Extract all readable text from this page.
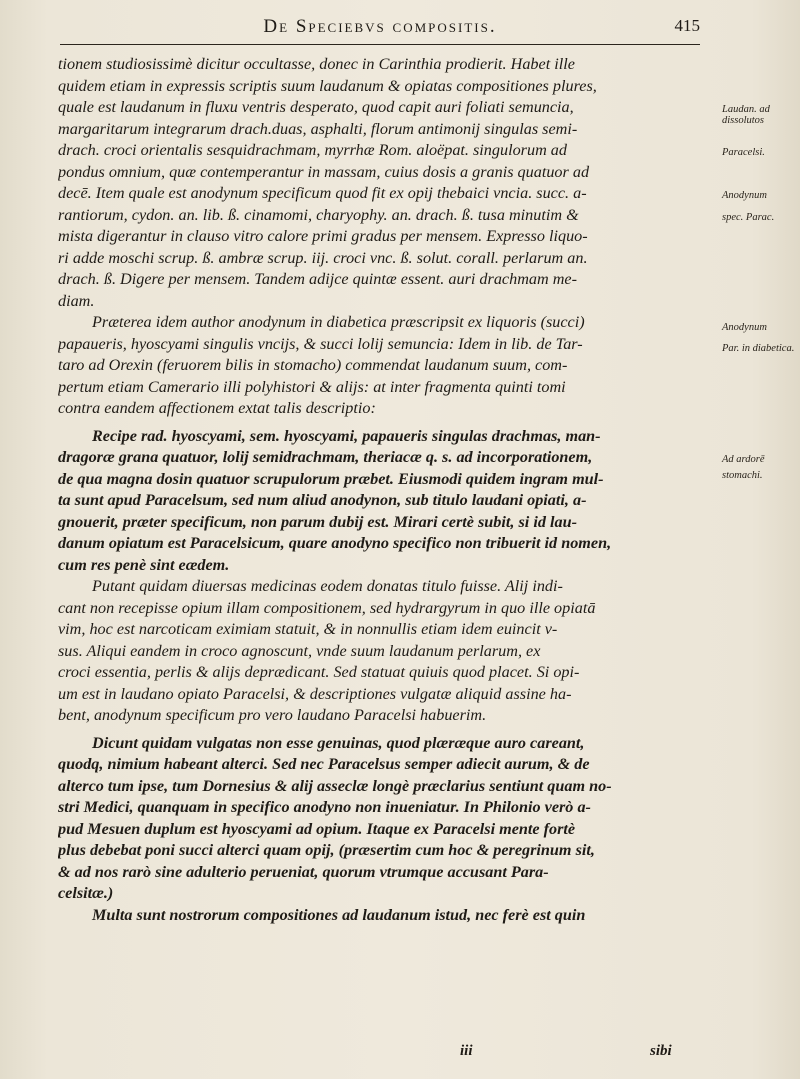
De Speciebvs compositis.	415
tionem studiosissimè dicitur occultasse, donec in Carinthia prodierit. Habet ille
quidem etiam in expressis scriptis suum laudanum & opiatas compositiones plures,
quale est laudanum in fluxu ventris desperato, quod capit auri foliati semuncia,
margaritarum integrarum drach.duas, asphalti, florum antimonij singulas semi-
drach. croci orientalis sesquidrachmam, myrrhæ Rom. aloëpat. singulorum ad
pondus omnium, quæ contemperantur in massam, cuius dosis a granis quatuor ad
decē. Item quale est anodynum specificum quod fit ex opij thebaici vncia. succ. a-
rantiorum, cydon. an. lib. ß. cinamomi, charyophy. an. drach. ß. tusa minutim &
mista digerantur in clauso vitro calore primi gradus per mensem. Expresso liquo-
ri adde moschi scrup. ß. ambræ scrup. iij. croci vnc. ß. solut. corall. perlarum an.
drach. ß. Digere per mensem. Tandem adijce quintæ essent. auri drachmam me-
diam.
Præterea idem author anodynum in diabetica præscripsit ex liquoris (succi)
papaueris, hyoscyami singulis vncijs, & succi lolij semuncia: Idem in lib. de Tar-
taro ad Orexin (feruorem bilis in stomacho) commendat laudanum suum, com-
pertum etiam Camerario illi polyhistori & alijs: at inter fragmenta quinti tomi
contra eandem affectionem extat talis descriptio:
Recipe rad. hyoscyami, sem. hyoscyami, papaueris singulas drachmas, man-
dragoræ grana quatuor, lolij semidrachmam, theriacæ q. s. ad incorporationem,
de qua magna dosin quatuor scrupulorum præbet. Eiusmodi quidem ingram mul-
ta sunt apud Paracelsum, sed num aliud anodynon, sub titulo laudani opiati, a-
gnouerit, præter specificum, non parum dubij est. Mirari certè subit, si id lau-
danum opiatum est Paracelsicum, quare anodyno specifico non tribuerit id nomen,
cum res penè sint eædem.
Putant quidam diuersas medicinas eodem donatas titulo fuisse. Alij indi-
cant non recepisse opium illam compositionem, sed hydrargyrum in quo ille opiatā
vim, hoc est narcoticam eximiam statuit, & in nonnullis etiam idem euincit v-
sus. Aliqui eandem in croco agnoscunt, vnde suum laudanum perlarum, ex
croci essentia, perlis & alijs deprædicant. Sed statuat quiuis quod placet. Si opi-
um est in laudano opiato Paracelsi, & descriptiones vulgatæ aliquid assine ha-
bent, anodynum specificum pro vero laudano Paracelsi habuerim.
Dicunt quidam vulgatas non esse genuinas, quod plæræque auro careant,
quodq, nimium habeant alterci. Sed nec Paracelsus semper adiecit aurum, & de
alterco tum ipse, tum Dornesius & alij asseclæ longè præclarius sentiunt quam no-
stri Medici, quanquam in specifico anodyno non inueniatur. In Philonio verò a-
pud Mesuen duplum est hyoscyami ad opium. Itaque ex Paracelsi mente fortè
plus debebat poni succi alterci quam opij, (præsertim cum hoc & peregrinum sit,
& ad nos rarò sine adulterio perueniat, quorum vtrumque accusant Para-
celsitæ.)
Multa sunt nostrorum compositiones ad laudanum istud, nec ferè est quin
Laudan. ad dissolutos
Paracelsi.
Anodynum
spec. Parac.
Anodynum
Par. in diabetica.
Ad ardorē
stomachi.
iii	sibi
